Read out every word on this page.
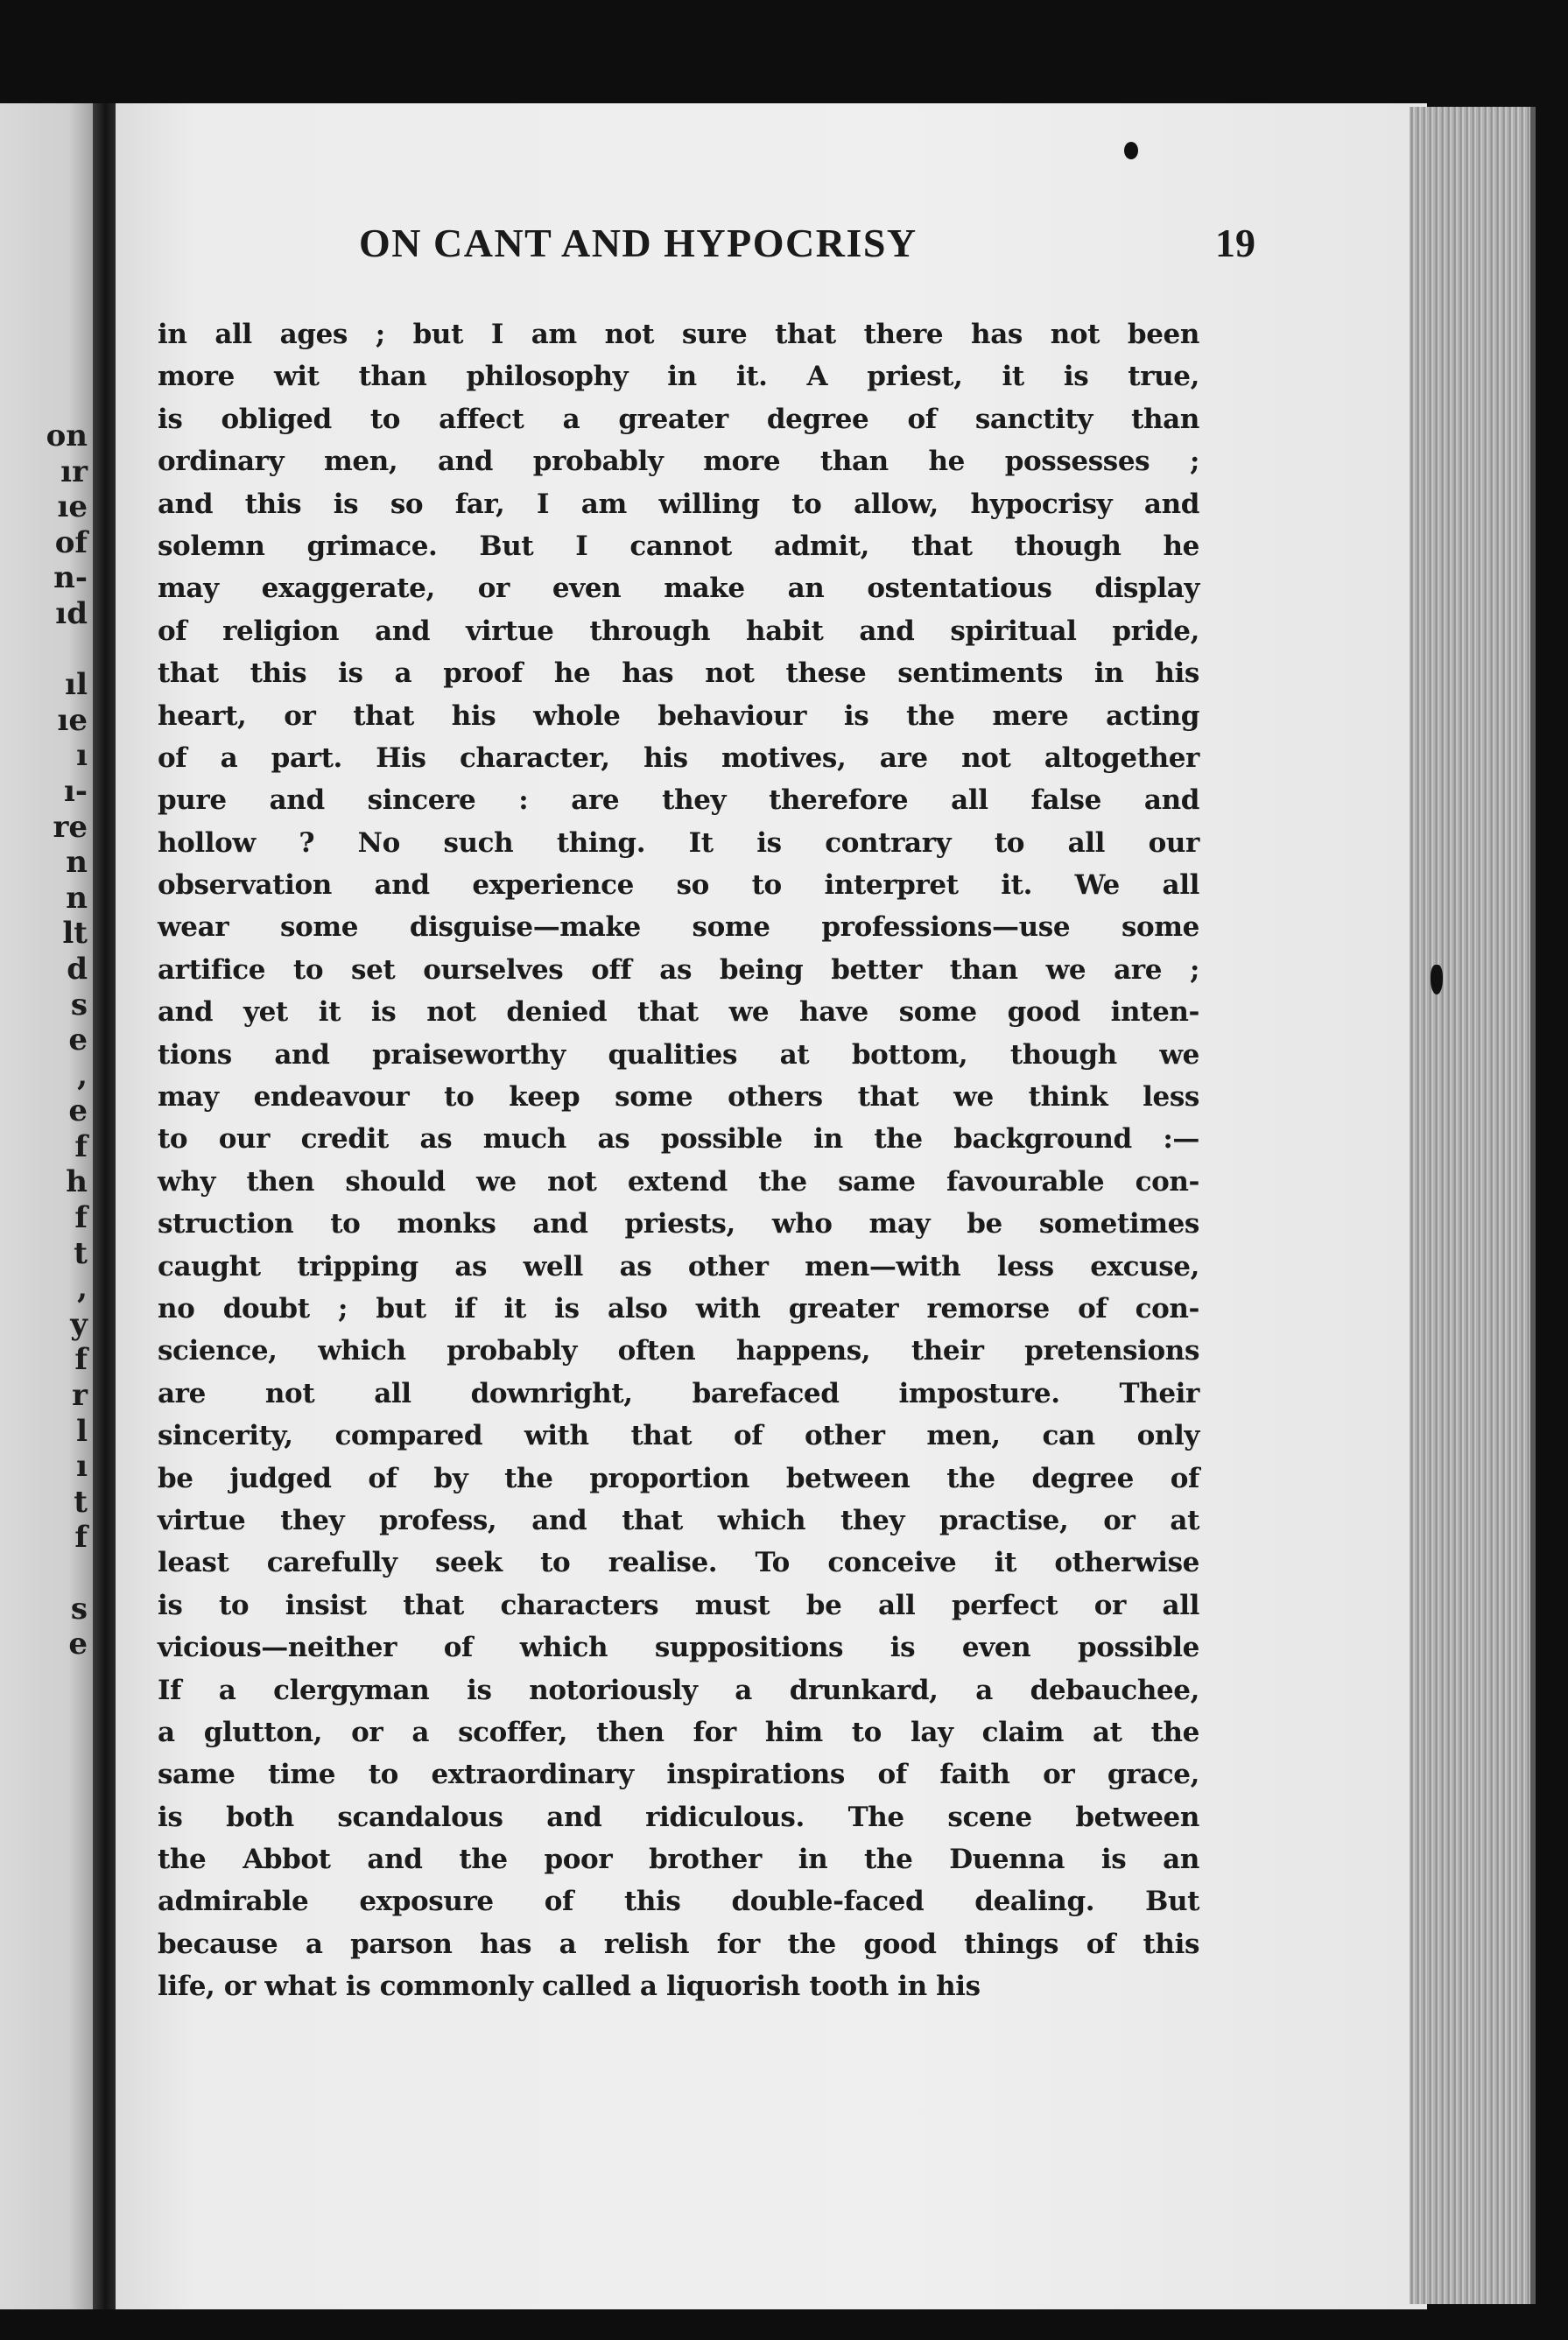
on
ır
ıe
of
n-
ıd
ıl
ıe
ı
ı-
re
n
n
lt
d
s
e
,
e
f
h
f
t
,
y
f
r
l
ı
t
f
s
e
ON CANT AND HYPOCRISY	19
in all ages ; but I am not sure that there has not been
more wit than philosophy in it. A priest, it is true,
is obliged to affect a greater degree of sanctity than
ordinary men, and probably more than he possesses ;
and this is so far, I am willing to allow, hypocrisy and
solemn grimace. But I cannot admit, that though he
may exaggerate, or even make an ostentatious display
of religion and virtue through habit and spiritual pride,
that this is a proof he has not these sentiments in his
heart, or that his whole behaviour is the mere acting
of a part. His character, his motives, are not altogether
pure and sincere : are they therefore all false and
hollow ? No such thing. It is contrary to all our
observation and experience so to interpret it. We all
wear some disguise—make some professions—use some
artifice to set ourselves off as being better than we are ;
and yet it is not denied that we have some good inten-
tions and praiseworthy qualities at bottom, though we
may endeavour to keep some others that we think less
to our credit as much as possible in the background :—
why then should we not extend the same favourable con-
struction to monks and priests, who may be sometimes
caught tripping as well as other men—with less excuse,
no doubt ; but if it is also with greater remorse of con-
science, which probably often happens, their pretensions
are not all downright, barefaced imposture. Their
sincerity, compared with that of other men, can only
be judged of by the proportion between the degree of
virtue they profess, and that which they practise, or at
least carefully seek to realise. To conceive it otherwise
is to insist that characters must be all perfect or all
vicious—neither of which suppositions is even possible
If a clergyman is notoriously a drunkard, a debauchee,
a glutton, or a scoffer, then for him to lay claim at the
same time to extraordinary inspirations of faith or grace,
is both scandalous and ridiculous. The scene between
the Abbot and the poor brother in the Duenna is an
admirable exposure of this double-faced dealing. But
because a parson has a relish for the good things of this
life, or what is commonly called a liquorish tooth in his
